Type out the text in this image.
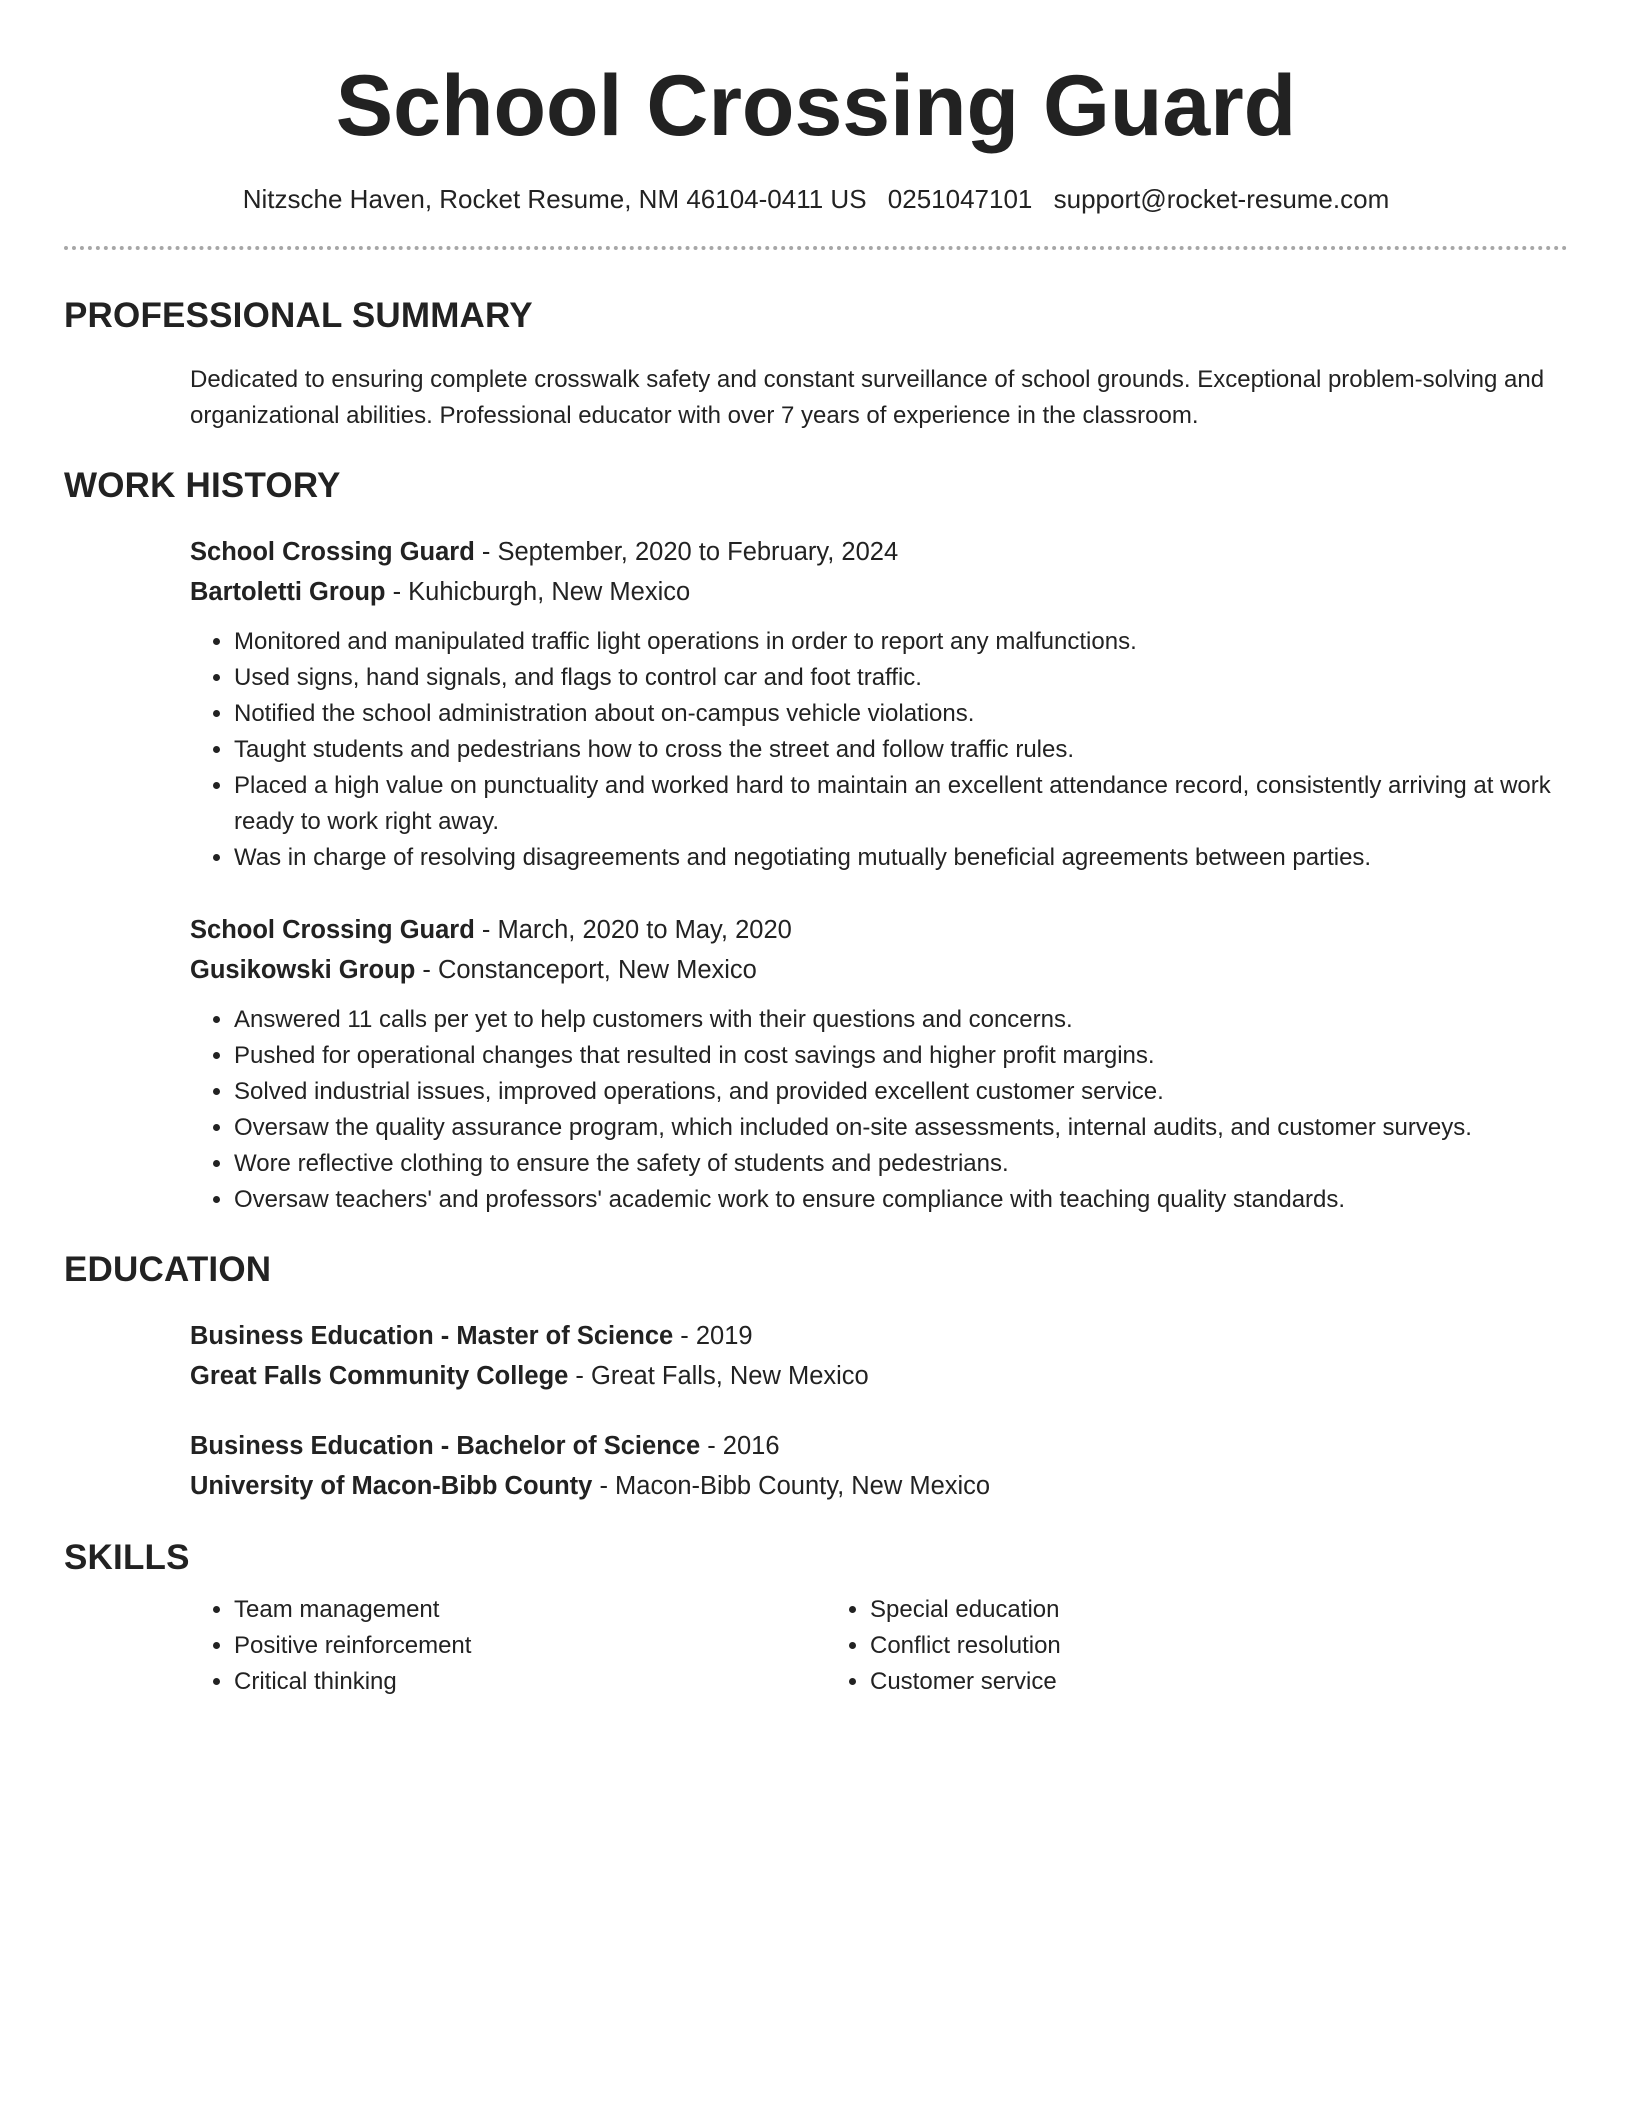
School Crossing Guard
Nitzsche Haven, Rocket Resume, NM 46104-0411 US 0251047101 support@rocket-resume.com
PROFESSIONAL SUMMARY

Dedicated to ensuring complete crosswalk safety and constant surveillance of school grounds. Exceptional problem-solving and organizational abilities. Professional educator with over 7 years of experience in the classroom.

WORK HISTORY
School Crossing Guard - September, 2020 to February, 2024
Bartoletti Group - Kuhicburgh, New Mexico
• Monitored and manipulated traffic light operations in order to report any malfunctions.
• Used signs, hand signals, and flags to control car and foot traffic.
• Notified the school administration about on-campus vehicle violations.
• Taught students and pedestrians how to cross the street and follow traffic rules.
• Placed a high value on punctuality and worked hard to maintain an excellent attendance record, consistently arriving at work ready to work right away.
• Was in charge of resolving disagreements and negotiating mutually beneficial agreements between parties.
School Crossing Guard - March, 2020 to May, 2020
Gusikowski Group - Constanceport, New Mexico
• Answered 11 calls per yet to help customers with their questions and concerns.
• Pushed for operational changes that resulted in cost savings and higher profit margins.
• Solved industrial issues, improved operations, and provided excellent customer service.
• Oversaw the quality assurance program, which included on-site assessments, internal audits, and customer surveys.
• Wore reflective clothing to ensure the safety of students and pedestrians.
• Oversaw teachers' and professors' academic work to ensure compliance with teaching quality standards.
EDUCATION
Business Education - Master of Science - 2019
Great Falls Community College - Great Falls, New Mexico
Business Education - Bachelor of Science - 2016
University of Macon-Bibb County - Macon-Bibb County, New Mexico
SKILLS
• Team management
• Positive reinforcement
• Critical thinking
• Special education
• Conflict resolution
• Customer service
